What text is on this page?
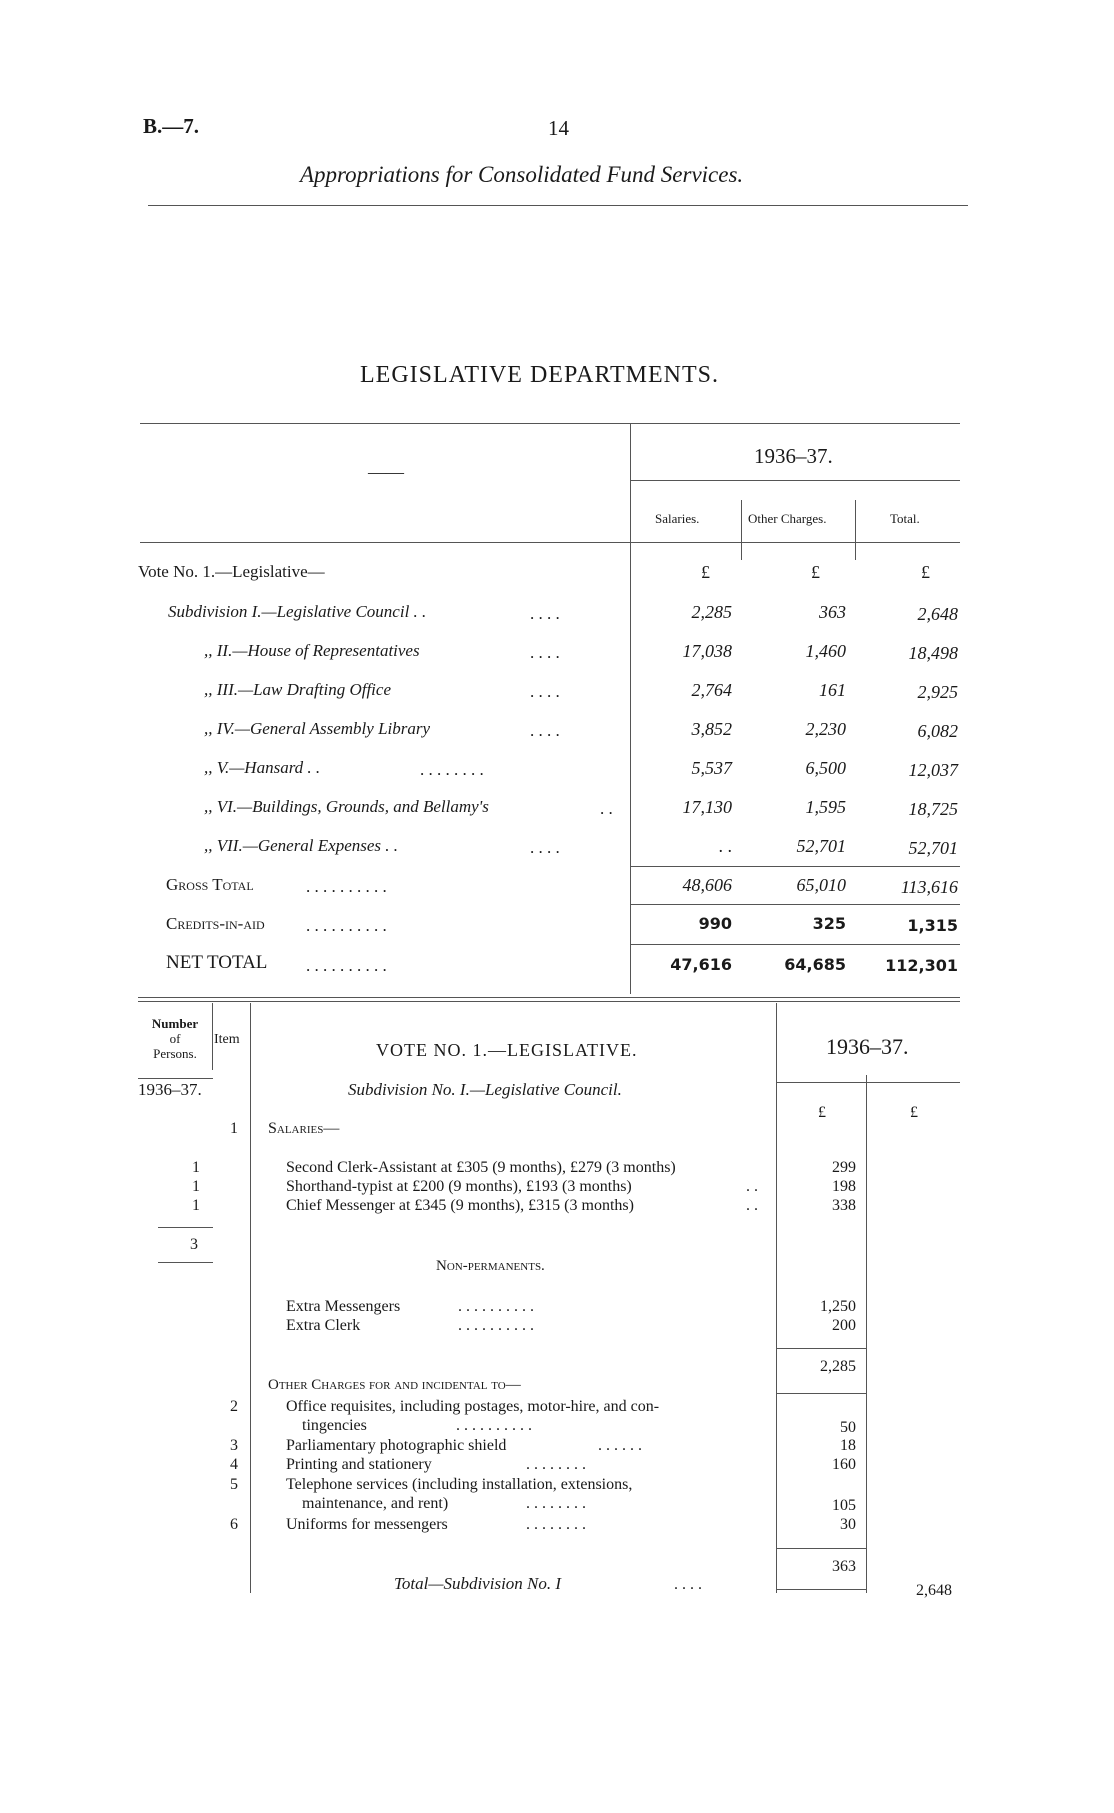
B.—7.	14
Appropriations for Consolidated Fund Services.
LEGISLATIVE DEPARTMENTS.
——
1936–37.
Salaries.	Other Charges.	Total.
Vote No. 1.—Legislative—	£	£	£
Subdivision I.—Legislative Council . .	. . . .	2,285	363	2,648
,, II.—House of Representatives	. . . .	17,038	1,460	18,498
,, III.—Law Drafting Office	. . . .	2,764	161	2,925
,, IV.—General Assembly Library	. . . .	3,852	2,230	6,082
,, V.—Hansard . .	. . . . . . . .	5,537	6,500	12,037
,, VI.—Buildings, Grounds, and Bellamy's	. .	17,130	1,595	18,725
,, VII.—General Expenses . .	. . . .	. .	52,701	52,701
Gross Total	. . . . . . . . . .	48,606	65,010	113,616
Credits-in-aid . . . . . . . . . .	990	325	1,315
NET TOTAL . . . . . . . . . .	47,616	64,685	112,301
Number
of
Persons.
Item
VOTE NO. 1.—LEGISLATIVE.	1936–37.
1936–37.	Subdivision No. I.—Legislative Council.
£	£
1 Salaries—
1	Second Clerk-Assistant at £305 (9 months), £279 (3 months)	299
1	Shorthand-typist at £200 (9 months), £193 (3 months)	. .	198
1	Chief Messenger at £345 (9 months), £315 (3 months)	. .	338
3
Non-permanents.
Extra Messengers	. . . . . . . . . .	1,250
Extra Clerk	. . . . . . . . . .	200
2,285
Other Charges for and incidental to—
2	Office requisites, including postages, motor-hire, and con-
tingencies	. . . . . . . . . .	50
3	Parliamentary photographic shield	. . . . . .	18
4	Printing and stationery	. . . . . . . .	160
5	Telephone services (including installation, extensions,
maintenance, and rent)	. . . . . . . .	105
6	Uniforms for messengers	. . . . . . . .	30
363
Total—Subdivision No. I	. . . .	2,648
